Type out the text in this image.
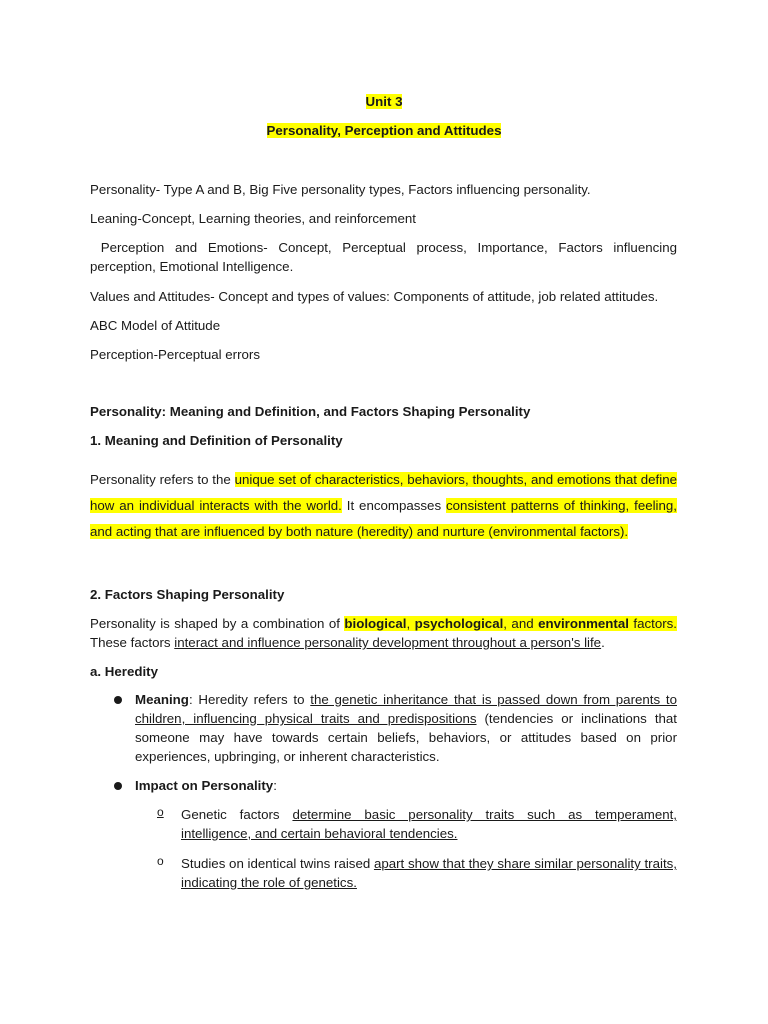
Unit 3
Personality, Perception and Attitudes
Personality- Type A and B, Big Five personality types, Factors influencing personality.
Leaning-Concept, Learning theories, and reinforcement
Perception and Emotions- Concept, Perceptual process, Importance, Factors influencing perception, Emotional Intelligence.
Values and Attitudes- Concept and types of values: Components of attitude, job related attitudes.
ABC Model of Attitude
Perception-Perceptual errors
Personality: Meaning and Definition, and Factors Shaping Personality
1. Meaning and Definition of Personality
Personality refers to the unique set of characteristics, behaviors, thoughts, and emotions that define how an individual interacts with the world. It encompasses consistent patterns of thinking, feeling, and acting that are influenced by both nature (heredity) and nurture (environmental factors).
2. Factors Shaping Personality
Personality is shaped by a combination of biological, psychological, and environmental factors. These factors interact and influence personality development throughout a person's life.
a. Heredity
Meaning: Heredity refers to the genetic inheritance that is passed down from parents to children, influencing physical traits and predispositions (tendencies or inclinations that someone may have towards certain beliefs, behaviors, or attitudes based on prior experiences, upbringing, or inherent characteristics.
Impact on Personality:
o Genetic factors determine basic personality traits such as temperament, intelligence, and certain behavioral tendencies.
o Studies on identical twins raised apart show that they share similar personality traits, indicating the role of genetics.
